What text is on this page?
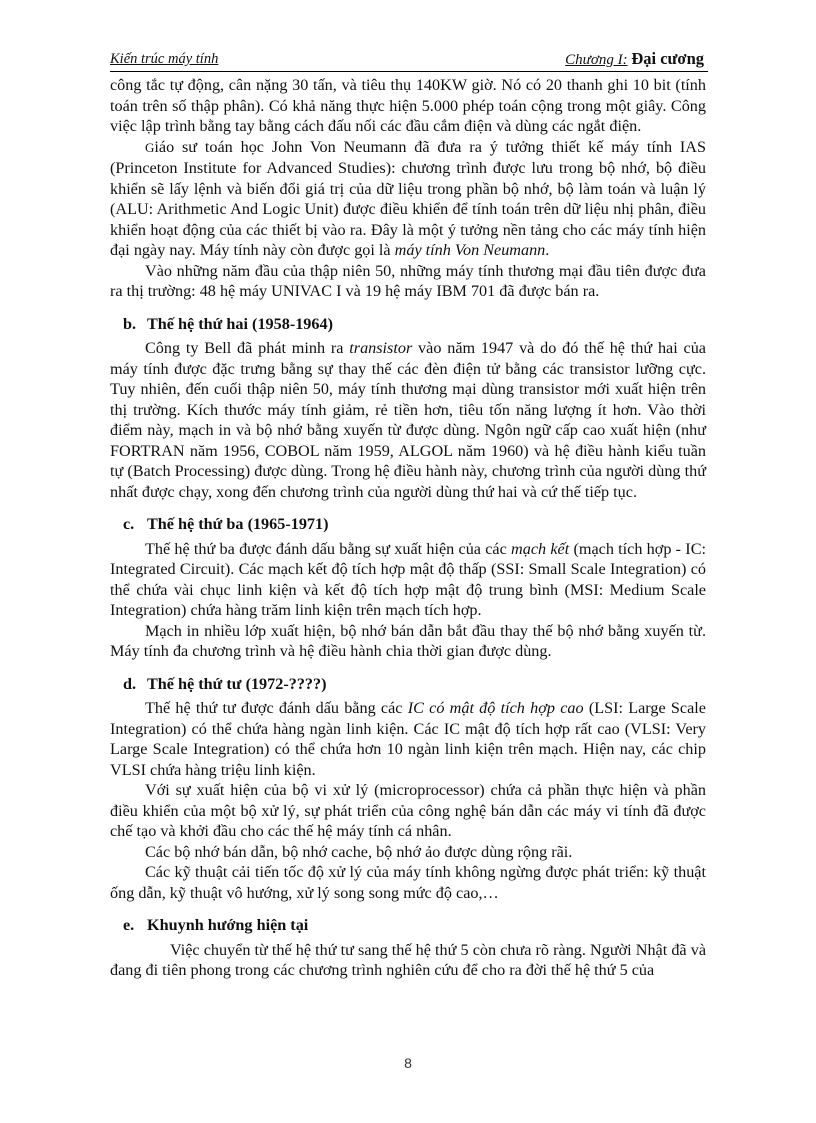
Kiến trúc máy tính	Chương I: Đại cương

công tắc tự động, cân nặng 30 tấn, và tiêu thụ 140KW giờ. Nó có 20 thanh ghi 10 bit (tính toán trên số thập phân). Có khả năng thực hiện 5.000 phép toán cộng trong một giây. Công việc lập trình bằng tay bằng cách đấu nối các đầu cắm điện và dùng các ngắt điện.

Giáo sư toán học John Von Neumann đã đưa ra ý tưởng thiết kế máy tính IAS (Princeton Institute for Advanced Studies): chương trình được lưu trong bộ nhớ, bộ điều khiển sẽ lấy lệnh và biến đổi giá trị của dữ liệu trong phần bộ nhớ, bộ làm toán và luận lý (ALU: Arithmetic And Logic Unit) được điều khiển để tính toán trên dữ liệu nhị phân, điều khiển hoạt động của các thiết bị vào ra. Đây là một ý tưởng nền tảng cho các máy tính hiện đại ngày nay. Máy tính này còn được gọi là máy tính Von Neumann.

Vào những năm đầu của thập niên 50, những máy tính thương mại đầu tiên được đưa ra thị trường: 48 hệ máy UNIVAC I và 19 hệ máy IBM 701 đã được bán ra.

b. Thế hệ thứ hai (1958-1964)

Công ty Bell đã phát minh ra transistor vào năm 1947 và do đó thế hệ thứ hai của máy tính được đặc trưng bằng sự thay thế các đèn điện tử bằng các transistor lưỡng cực. Tuy nhiên, đến cuối thập niên 50, máy tính thương mại dùng transistor mới xuất hiện trên thị trường. Kích thước máy tính giảm, rẻ tiền hơn, tiêu tốn năng lượng ít hơn. Vào thời điểm này, mạch in và bộ nhớ bằng xuyến từ được dùng. Ngôn ngữ cấp cao xuất hiện (như FORTRAN năm 1956, COBOL năm 1959, ALGOL năm 1960) và hệ điều hành kiểu tuần tự (Batch Processing) được dùng. Trong hệ điều hành này, chương trình của người dùng thứ nhất được chạy, xong đến chương trình của người dùng thứ hai và cứ thế tiếp tục.

c. Thế hệ thứ ba (1965-1971)

Thế hệ thứ ba được đánh dấu bằng sự xuất hiện của các mạch kết (mạch tích hợp - IC: Integrated Circuit). Các mạch kết độ tích hợp mật độ thấp (SSI: Small Scale Integration) có thể chứa vài chục linh kiện và kết độ tích hợp mật độ trung bình (MSI: Medium Scale Integration) chứa hàng trăm linh kiện trên mạch tích hợp.

Mạch in nhiều lớp xuất hiện, bộ nhớ bán dẫn bắt đầu thay thế bộ nhớ bằng xuyến từ. Máy tính đa chương trình và hệ điều hành chia thời gian được dùng.

d. Thế hệ thứ tư (1972-????)

Thế hệ thứ tư được đánh dấu bằng các IC có mật độ tích hợp cao (LSI: Large Scale Integration) có thể chứa hàng ngàn linh kiện. Các IC mật độ tích hợp rất cao (VLSI: Very Large Scale Integration) có thể chứa hơn 10 ngàn linh kiện trên mạch. Hiện nay, các chip VLSI chứa hàng triệu linh kiện.

Với sự xuất hiện của bộ vi xử lý (microprocessor) chứa cả phần thực hiện và phần điều khiển của một bộ xử lý, sự phát triển của công nghệ bán dẫn các máy vi tính đã được chế tạo và khởi đầu cho các thế hệ máy tính cá nhân.

Các bộ nhớ bán dẫn, bộ nhớ cache, bộ nhớ ảo được dùng rộng rãi.

Các kỹ thuật cải tiến tốc độ xử lý của máy tính không ngừng được phát triển: kỹ thuật ống dẫn, kỹ thuật vô hướng, xử lý song song mức độ cao,…

e. Khuynh hướng hiện tại

Việc chuyển từ thế hệ thứ tư sang thế hệ thứ 5 còn chưa rõ ràng. Người Nhật đã và đang đi tiên phong trong các chương trình nghiên cứu để cho ra đời thế hệ thứ 5 của

8
